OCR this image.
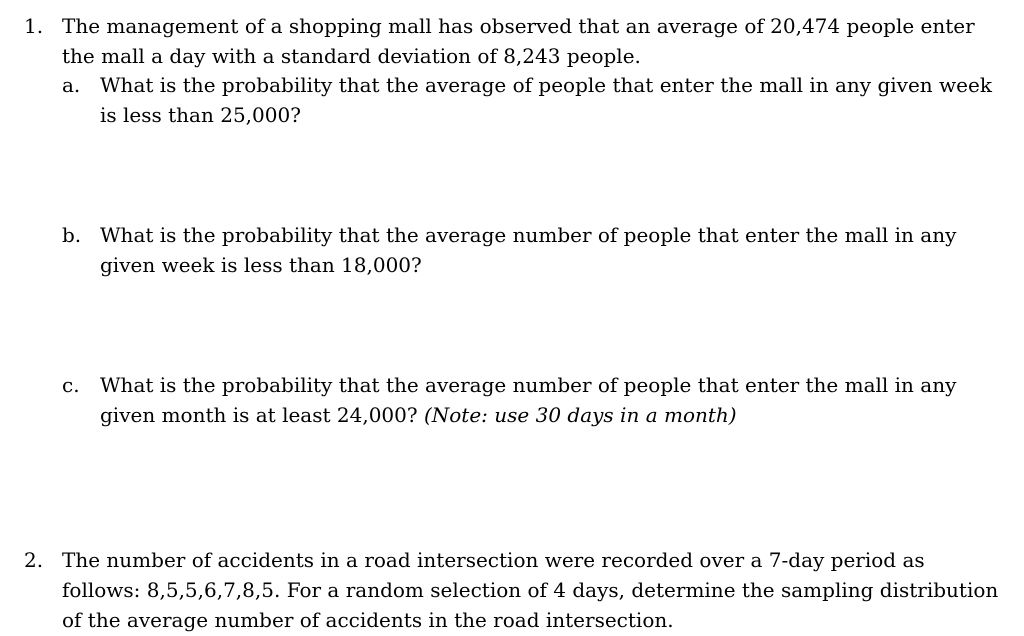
1. The management of a shopping mall has observed that an average of 20,474 people enter the mall a day with a standard deviation of 8,243 people.
a. What is the probability that the average of people that enter the mall in any given week is less than 25,000?
b. What is the probability that the average number of people that enter the mall in any given week is less than 18,000?
c. What is the probability that the average number of people that enter the mall in any given month is at least 24,000? (Note: use 30 days in a month)
2. The number of accidents in a road intersection were recorded over a 7-day period as follows: 8,5,5,6,7,8,5. For a random selection of 4 days, determine the sampling distribution of the average number of accidents in the road intersection.
